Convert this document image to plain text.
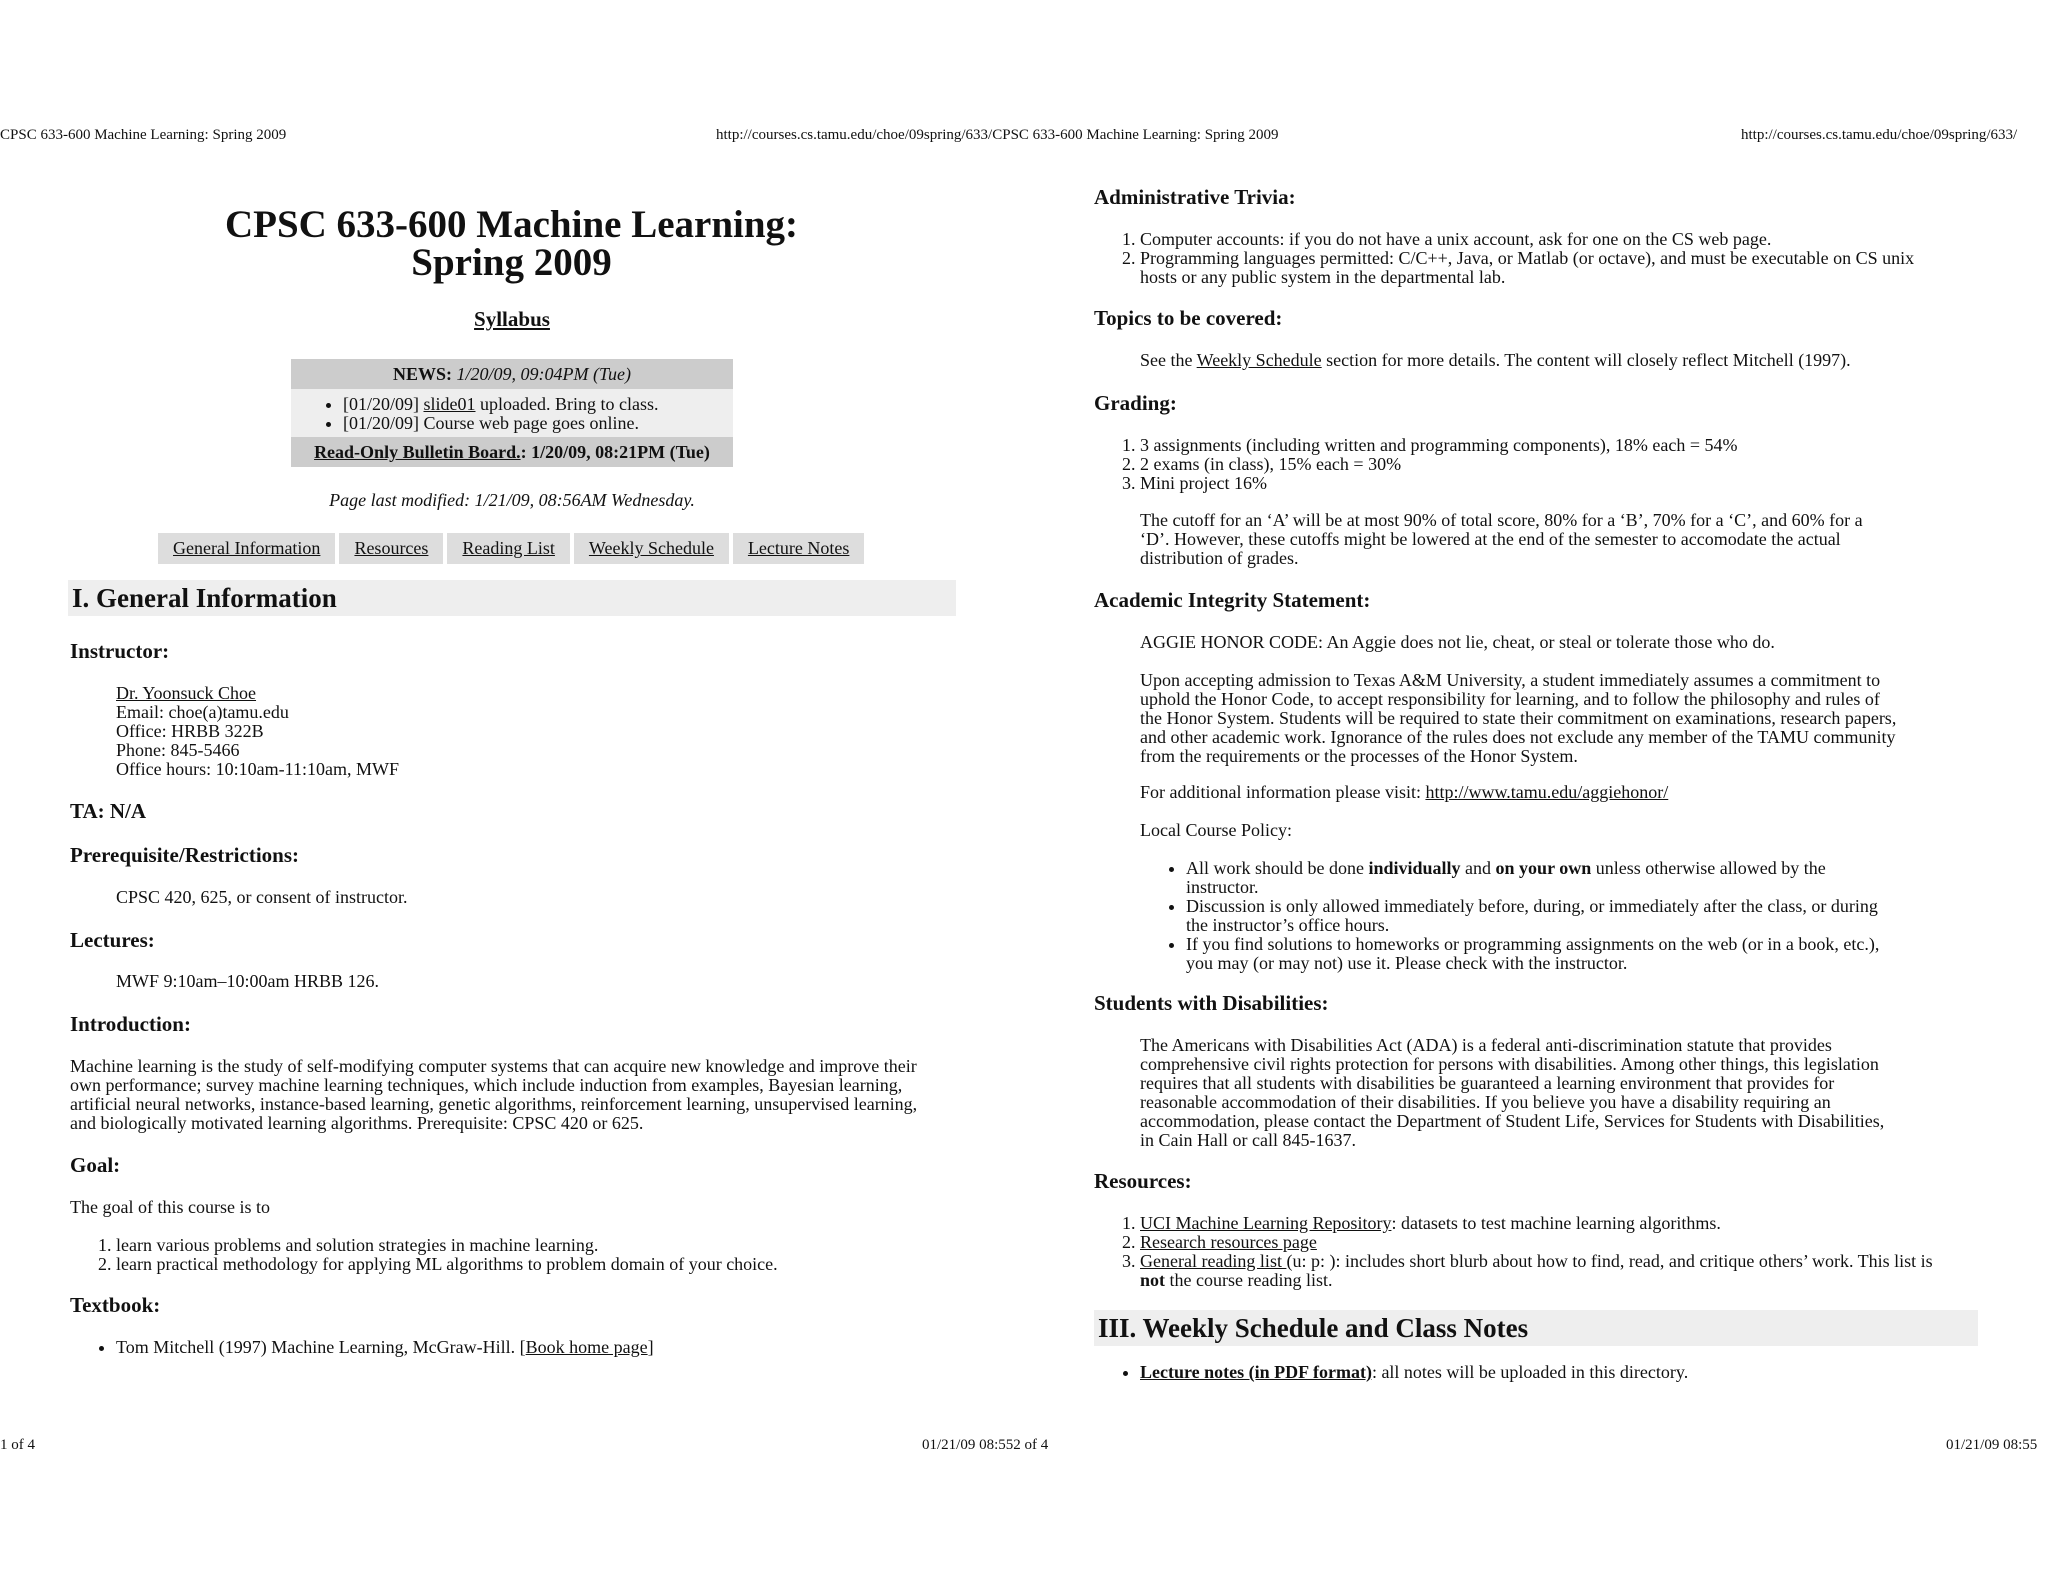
CPSC 633-600 Machine Learning: Spring 2009	http://courses.cs.tamu.edu/choe/09spring/633/CPSC 633-600 Machine Learning: Spring 2009	http://courses.cs.tamu.edu/choe/09spring/633/
CPSC 633-600 Machine Learning:
Spring 2009
Syllabus
NEWS: 1/20/09, 09:04PM (Tue)
• [01/20/09] slide01 uploaded. Bring to class.
• [01/20/09] Course web page goes online.
Read-Only Bulletin Board.: 1/20/09, 08:21PM (Tue)
Page last modified: 1/21/09, 08:56AM Wednesday.
General Information	Resources	Reading List	Weekly Schedule	Lecture Notes
I. General Information
Instructor:
Dr. Yoonsuck Choe
Email: choe(a)tamu.edu
Office: HRBB 322B
Phone: 845-5466
Office hours: 10:10am-11:10am, MWF
TA: N/A
Prerequisite/Restrictions:
CPSC 420, 625, or consent of instructor.
Lectures:
MWF 9:10am–10:00am HRBB 126.
Introduction:
Machine learning is the study of self-modifying computer systems that can acquire new knowledge and improve their
own performance; survey machine learning techniques, which include induction from examples, Bayesian learning,
artificial neural networks, instance-based learning, genetic algorithms, reinforcement learning, unsupervised learning,
and biologically motivated learning algorithms. Prerequisite: CPSC 420 or 625.
Goal:
The goal of this course is to
1. learn various problems and solution strategies in machine learning.
2. learn practical methodology for applying ML algorithms to problem domain of your choice.
Textbook:
• Tom Mitchell (1997) Machine Learning, McGraw-Hill. [Book home page]
Administrative Trivia:
1. Computer accounts: if you do not have a unix account, ask for one on the CS web page.
2. Programming languages permitted: C/C++, Java, or Matlab (or octave), and must be executable on CS unix
hosts or any public system in the departmental lab.
Topics to be covered:
See the Weekly Schedule section for more details. The content will closely reflect Mitchell (1997).
Grading:
1. 3 assignments (including written and programming components), 18% each = 54%
2. 2 exams (in class), 15% each = 30%
3. Mini project 16%
The cutoff for an ‘A’ will be at most 90% of total score, 80% for a ‘B’, 70% for a ‘C’, and 60% for a
‘D’. However, these cutoffs might be lowered at the end of the semester to accomodate the actual
distribution of grades.
Academic Integrity Statement:
AGGIE HONOR CODE: An Aggie does not lie, cheat, or steal or tolerate those who do.
Upon accepting admission to Texas A&M University, a student immediately assumes a commitment to
uphold the Honor Code, to accept responsibility for learning, and to follow the philosophy and rules of
the Honor System. Students will be required to state their commitment on examinations, research papers,
and other academic work. Ignorance of the rules does not exclude any member of the TAMU community
from the requirements or the processes of the Honor System.
For additional information please visit: http://www.tamu.edu/aggiehonor/
Local Course Policy:
• All work should be done individually and on your own unless otherwise allowed by the
instructor.
• Discussion is only allowed immediately before, during, or immediately after the class, or during
the instructor’s office hours.
• If you find solutions to homeworks or programming assignments on the web (or in a book, etc.),
you may (or may not) use it. Please check with the instructor.
Students with Disabilities:
The Americans with Disabilities Act (ADA) is a federal anti-discrimination statute that provides
comprehensive civil rights protection for persons with disabilities. Among other things, this legislation
requires that all students with disabilities be guaranteed a learning environment that provides for
reasonable accommodation of their disabilities. If you believe you have a disability requiring an
accommodation, please contact the Department of Student Life, Services for Students with Disabilities,
in Cain Hall or call 845-1637.
Resources:
1. UCI Machine Learning Repository: datasets to test machine learning algorithms.
2. Research resources page
3. General reading list (u: p: ): includes short blurb about how to find, read, and critique others’ work. This list is
not the course reading list.
III. Weekly Schedule and Class Notes
• Lecture notes (in PDF format): all notes will be uploaded in this directory.
1 of 4	01/21/09 08:552 of 4	01/21/09 08:55
